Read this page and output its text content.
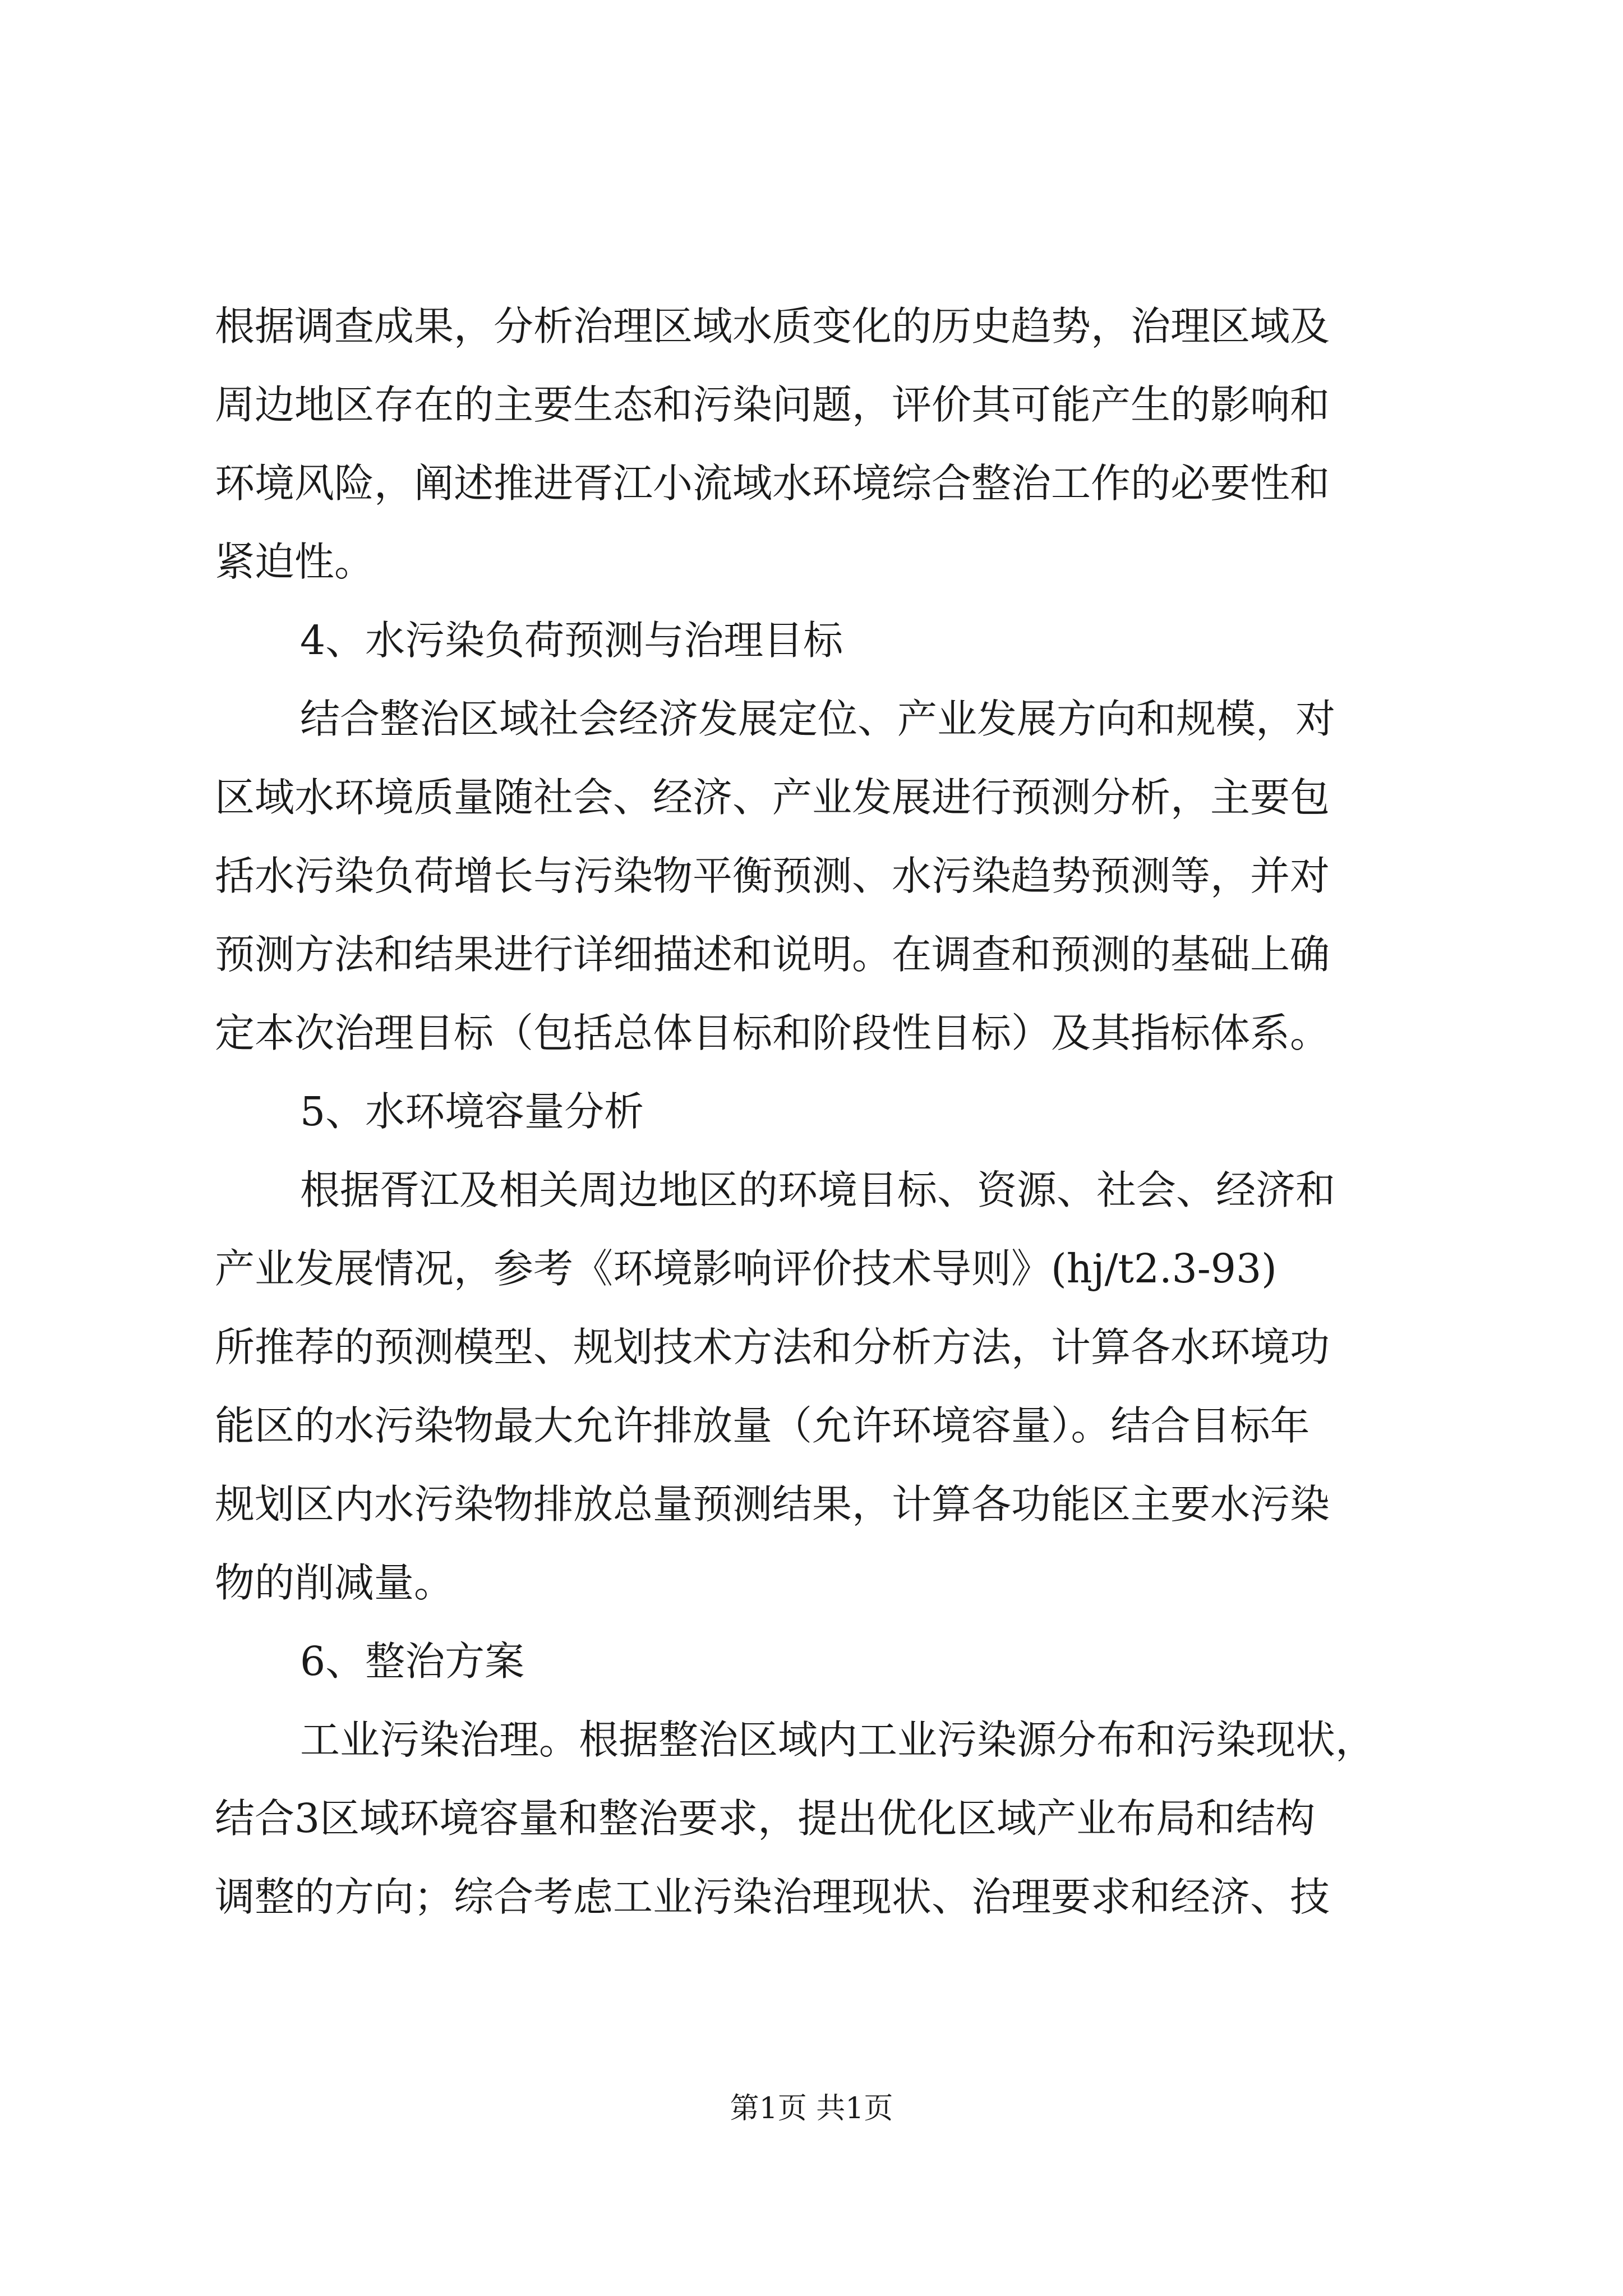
根据调查成果，分析治理区域水质变化的历史趋势，治理区域及

周边地区存在的主要生态和污染问题，评价其可能产生的影响和

环境风险，阐述推进胥江小流域水环境综合整治工作的必要性和

紧迫性。

4、水污染负荷预测与治理目标

结合整治区域社会经济发展定位、产业发展方向和规模，对

区域水环境质量随社会、经济、产业发展进行预测分析，主要包

括水污染负荷增长与污染物平衡预测、水污染趋势预测等，并对

预测方法和结果进行详细描述和说明。在调查和预测的基础上确

定本次治理目标（包括总体目标和阶段性目标）及其指标体系。

5、水环境容量分析

根据胥江及相关周边地区的环境目标、资源、社会、经济和

产业发展情况，参考《环境影响评价技术导则》(hj/t2.3-93)

所推荐的预测模型、规划技术方法和分析方法，计算各水环境功

能区的水污染物最大允许排放量（允许环境容量）。结合目标年

规划区内水污染物排放总量预测结果，计算各功能区主要水污染

物的削减量。

6、整治方案

工业污染治理。根据整治区域内工业污染源分布和污染现状，

结合3区域环境容量和整治要求，提出优化区域产业布局和结构

调整的方向；综合考虑工业污染治理现状、治理要求和经济、技

第1页 共1页
